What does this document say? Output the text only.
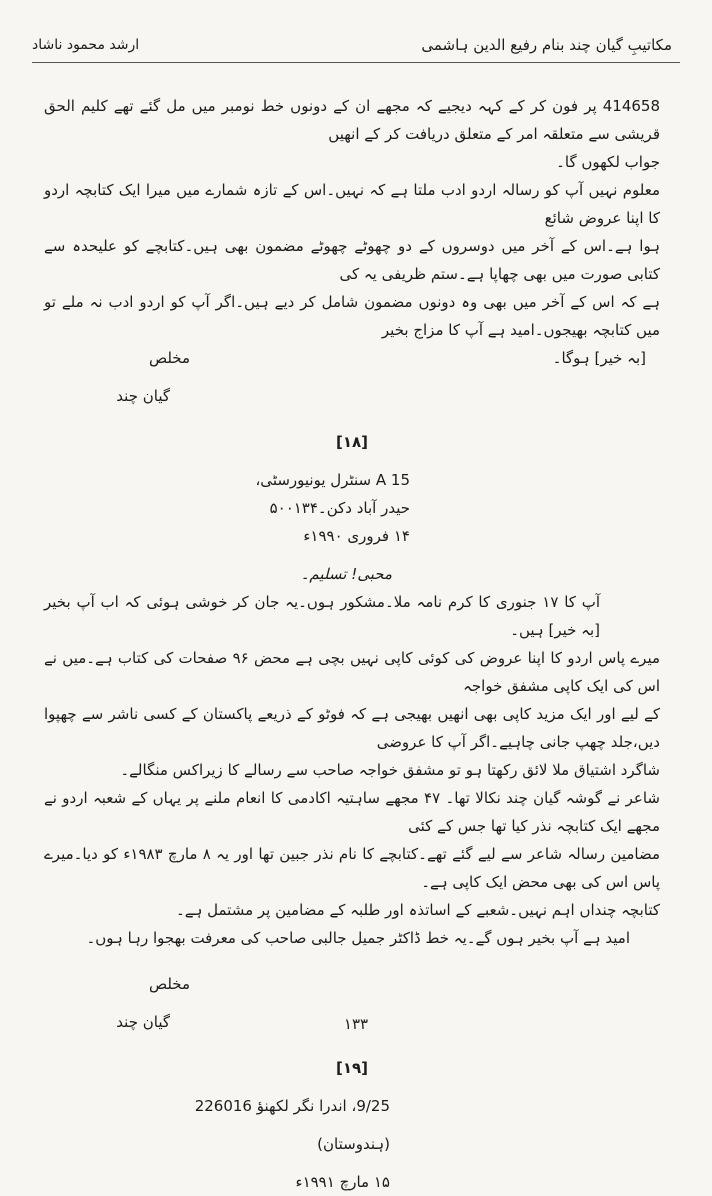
مکاتیبِ گیان چند بنام رفیع الدین ہاشمی
ارشد محمود ناشاد

414658 پر فون کر کے کہہ دیجیے کہ مجھے ان کے دونوں خط نومبر میں مل گئے تھے کلیم الحق قریشی سے متعلقہ امر کے متعلق دریافت کر کے انھیں

جواب لکھوں گا۔

معلوم نہیں آپ کو رسالہ اردو ادب ملتا ہے کہ نہیں۔اس کے تازہ شمارے میں میرا ایک کتابچہ اردو کا اپنا عروض شائع

ہوا ہے۔اس کے آخر میں دوسروں کے دو چھوٹے چھوٹے مضمون بھی ہیں۔کتابچے کو علیحدہ سے کتابی صورت میں بھی چھاپا ہے۔ستم ظریفی یہ کی

ہے کہ اس کے آخر میں بھی وہ دونوں مضمون شامل کر دیے ہیں۔اگر آپ کو اردو ادب نہ ملے تو میں کتابچہ بھیجوں۔امید ہے آپ کا مزاج بخیر

[بہ خیر] ہوگا۔

مخلص

گیان چند

[۱۸]

15 A سنٹرل یونیورسٹی،

حیدر آباد دکن۔۵۰۰۱۳۴

۱۴ فروری ۱۹۹۰ء

محبی! تسلیم۔

آپ کا ۱۷ جنوری کا کرم نامہ ملا۔مشکور ہوں۔یہ جان کر خوشی ہوئی کہ اب آپ بخیر [بہ خیر] ہیں۔

میرے پاس اردو کا اپنا عروض کی کوئی کاپی نہیں بچی ہے محض ۹۶ صفحات کی کتاب ہے۔میں نے اس کی ایک کاپی مشفق خواجہ

کے لیے اور ایک مزید کاپی بھی انھیں بھیجی ہے کہ فوٹو کے ذریعے پاکستان کے کسی ناشر سے چھپوا دیں،جلد چھپ جانی چاہیے۔اگر آپ کا عروضی

شاگرد اشتیاق ملا لائق رکھتا ہو تو مشفق خواجہ صاحب سے رسالے کا زیراکس منگالے۔

شاعر نے گوشہ گیان چند نکالا تھا۔ ۴۷ مجھے ساہتیہ اکادمی کا انعام ملنے پر یہاں کے شعبہ اردو نے مجھے ایک کتابچہ نذر کیا تھا جس کے کئی

مضامین رسالہ شاعر سے لیے گئے تھے۔کتابچے کا نام نذر جبین تھا اور یہ ۸ مارچ ۱۹۸۳ء کو دیا۔میرے پاس اس کی بھی محض ایک کاپی ہے۔

کتابچہ چنداں اہم نہیں۔شعبے کے اساتذہ اور طلبہ کے مضامین پر مشتمل ہے۔

امید ہے آپ بخیر ہوں گے۔یہ خط ڈاکٹر جمیل جالبی صاحب کی معرفت بھجوا رہا ہوں۔

مخلص

گیان چند

[۱۹]

9/25، اندرا نگر لکھنؤ 226016

(ہندوستان)

۱۵ مارچ ۱۹۹۱ء

۱۳۳
